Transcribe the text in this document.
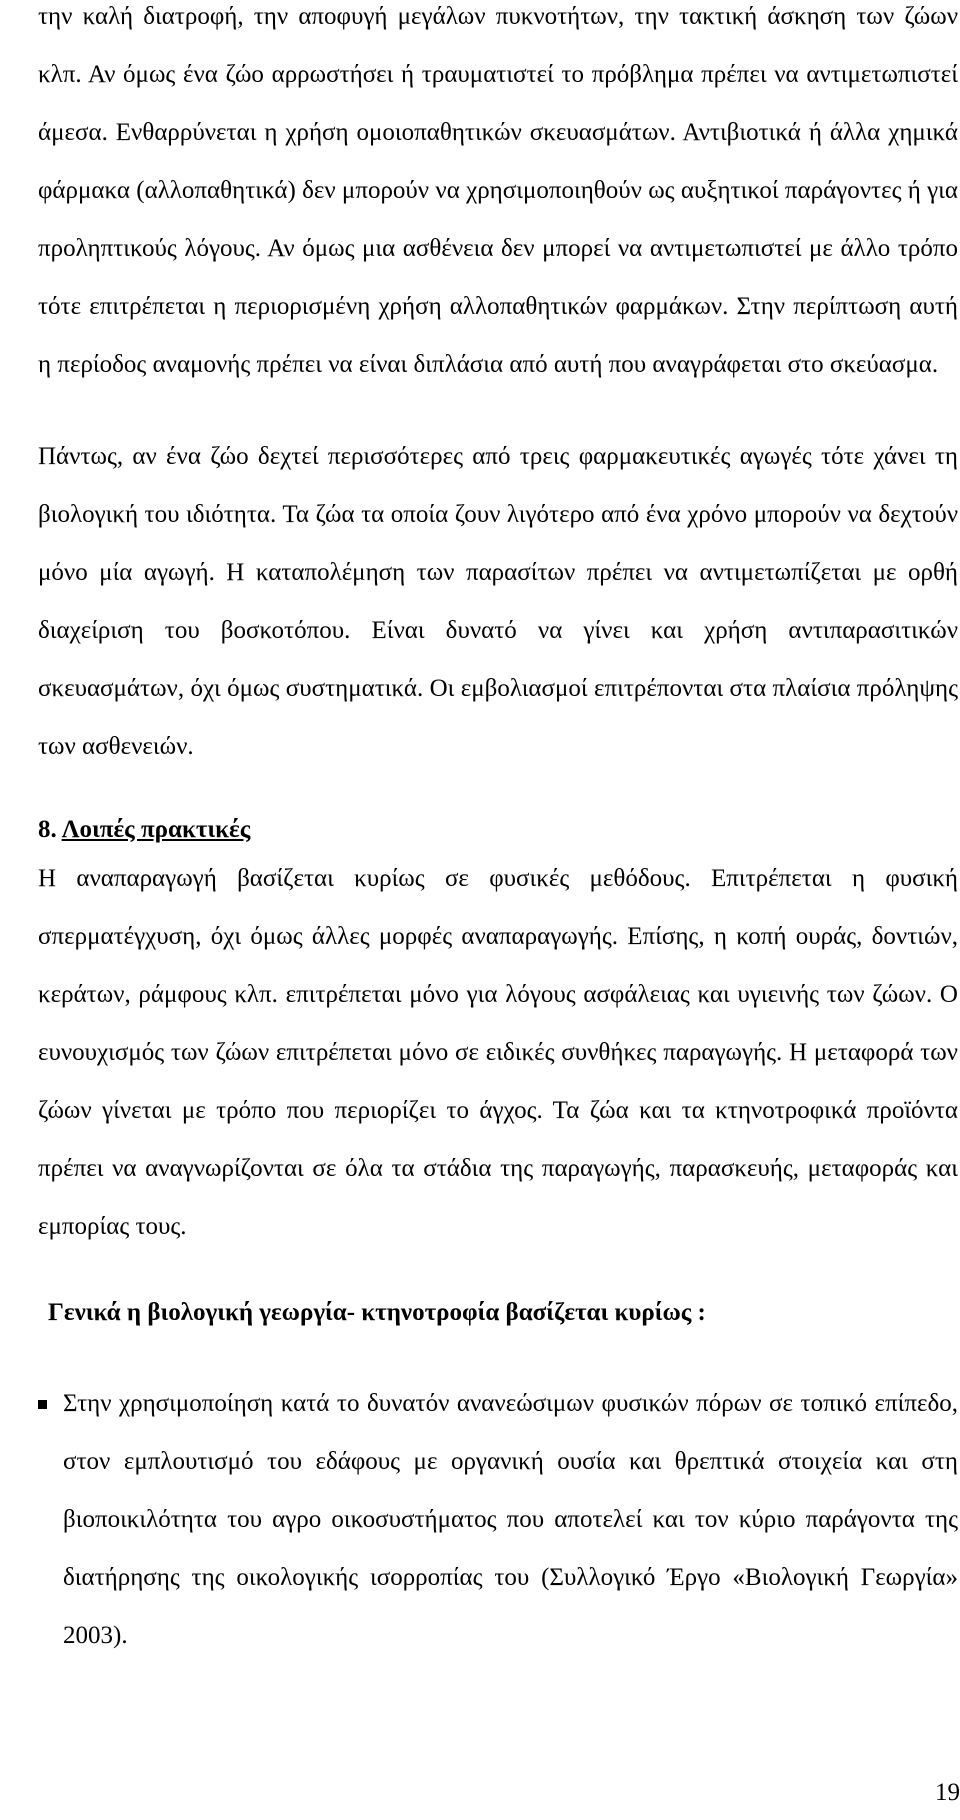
την καλή διατροφή, την αποφυγή μεγάλων πυκνοτήτων, την τακτική άσκηση των ζώων κλπ. Αν όμως ένα ζώο αρρωστήσει ή τραυματιστεί το πρόβλημα πρέπει να αντιμετωπιστεί άμεσα. Ενθαρρύνεται η χρήση ομοιοπαθητικών σκευασμάτων. Αντιβιοτικά ή άλλα χημικά φάρμακα (αλλοπαθητικά) δεν μπορούν να χρησιμοποιηθούν ως αυξητικοί παράγοντες ή για προληπτικούς λόγους. Αν όμως μια ασθένεια δεν μπορεί να αντιμετωπιστεί με άλλο τρόπο τότε επιτρέπεται η περιορισμένη χρήση αλλοπαθητικών φαρμάκων. Στην περίπτωση αυτή η περίοδος αναμονής πρέπει να είναι διπλάσια από αυτή που αναγράφεται στο σκεύασμα.

Πάντως, αν ένα ζώο δεχτεί περισσότερες από τρεις φαρμακευτικές αγωγές τότε χάνει τη βιολογική του ιδιότητα. Τα ζώα τα οποία ζουν λιγότερο από ένα χρόνο μπορούν να δεχτούν μόνο μία αγωγή. Η καταπολέμηση των παρασίτων πρέπει να αντιμετωπίζεται με ορθή διαχείριση του βοσκοτόπου. Είναι δυνατό να γίνει και χρήση αντιπαρασιτικών σκευασμάτων, όχι όμως συστηματικά. Οι εμβολιασμοί επιτρέπονται στα πλαίσια πρόληψης των ασθενειών.

8. Λοιπές πρακτικές

Η αναπαραγωγή βασίζεται κυρίως σε φυσικές μεθόδους. Επιτρέπεται η φυσική σπερματέγχυση, όχι όμως άλλες μορφές αναπαραγωγής. Επίσης, η κοπή ουράς, δοντιών, κεράτων, ράμφους κλπ. επιτρέπεται μόνο για λόγους ασφάλειας και υγιεινής των ζώων. Ο ευνουχισμός των ζώων επιτρέπεται μόνο σε ειδικές συνθήκες παραγωγής. Η μεταφορά των ζώων γίνεται με τρόπο που περιορίζει το άγχος. Τα ζώα και τα κτηνοτροφικά προϊόντα πρέπει να αναγνωρίζονται σε όλα τα στάδια της παραγωγής, παρασκευής, μεταφοράς και εμπορίας τους.

Γενικά η βιολογική γεωργία- κτηνοτροφία βασίζεται κυρίως :

Στην χρησιμοποίηση κατά το δυνατόν ανανεώσιμων φυσικών πόρων σε τοπικό επίπεδο, στον εμπλουτισμό του εδάφους με οργανική ουσία και θρεπτικά στοιχεία και στη βιοποικιλότητα του αγρο οικοσυστήματος που αποτελεί και τον κύριο παράγοντα της διατήρησης της οικολογικής ισορροπίας του (Συλλογικό Έργο «Βιολογική Γεωργία» 2003).

19
